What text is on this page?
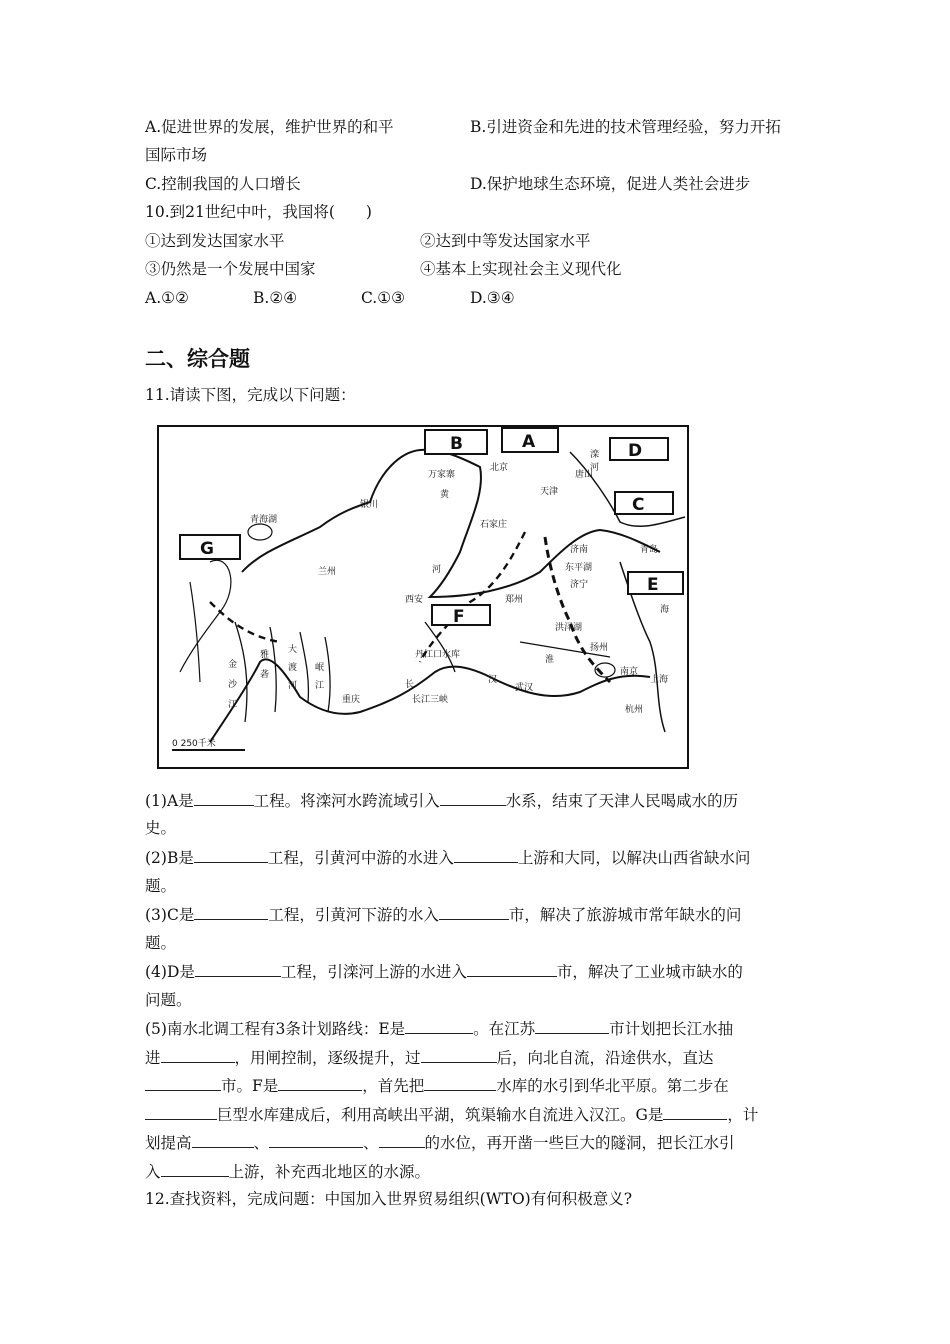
A.促进世界的发展，维护世界的和平	B.引进资金和先进的技术管理经验，努力开拓
国际市场
C.控制我国的人口增长	D.保护地球生态环境，促进人类社会进步
10.到21世纪中叶，我国将(　　)
①达到发达国家水平	②达到中等发达国家水平
③仍然是一个发展中国家	④基本上实现社会主义现代化
A.①②	B.②④	C.①③	D.③④
二、综合题
11.请读下图，完成以下问题：
B	A	D
C
G
F
E
万家寨
北京
天津
唐山
银川
石家庄
青海湖
兰州
济南
东平湖
济宁
青岛
西安	郑州
丹江口水库
长江三峡
重庆
武汉
洪泽湖
扬州
南京
上海
杭州
黄
河
金
沙
江
雅
砻
大
渡
河
岷
江	长	汉
淮
滦
河
海
0 250千米
(1)A是	工程。将滦河水跨流域引入	水系，结束了天津人民喝咸水的历
史。
(2)B是	工程，引黄河中游的水进入	上游和大同，以解决山西省缺水问
题。
(3)C是	工程，引黄河下游的水入	市，解决了旅游城市常年缺水的问
题。
(4)D是	工程，引滦河上游的水进入	市，解决了工业城市缺水的
问题。
(5)南水北调工程有3条计划路线：E是	。在江苏	市计划把长江水抽
进	，用闸控制，逐级提升，过	后，向北自流，沿途供水，直达
市。F是	，首先把	水库的水引到华北平原。第二步在
巨型水库建成后，利用高峡出平湖，筑渠输水自流进入汉江。G是	，计
划提高	、	、	的水位，再开凿一些巨大的隧洞，把长江水引
入	上游，补充西北地区的水源。
12.查找资料，完成问题：中国加入世界贸易组织(WTO)有何积极意义?
